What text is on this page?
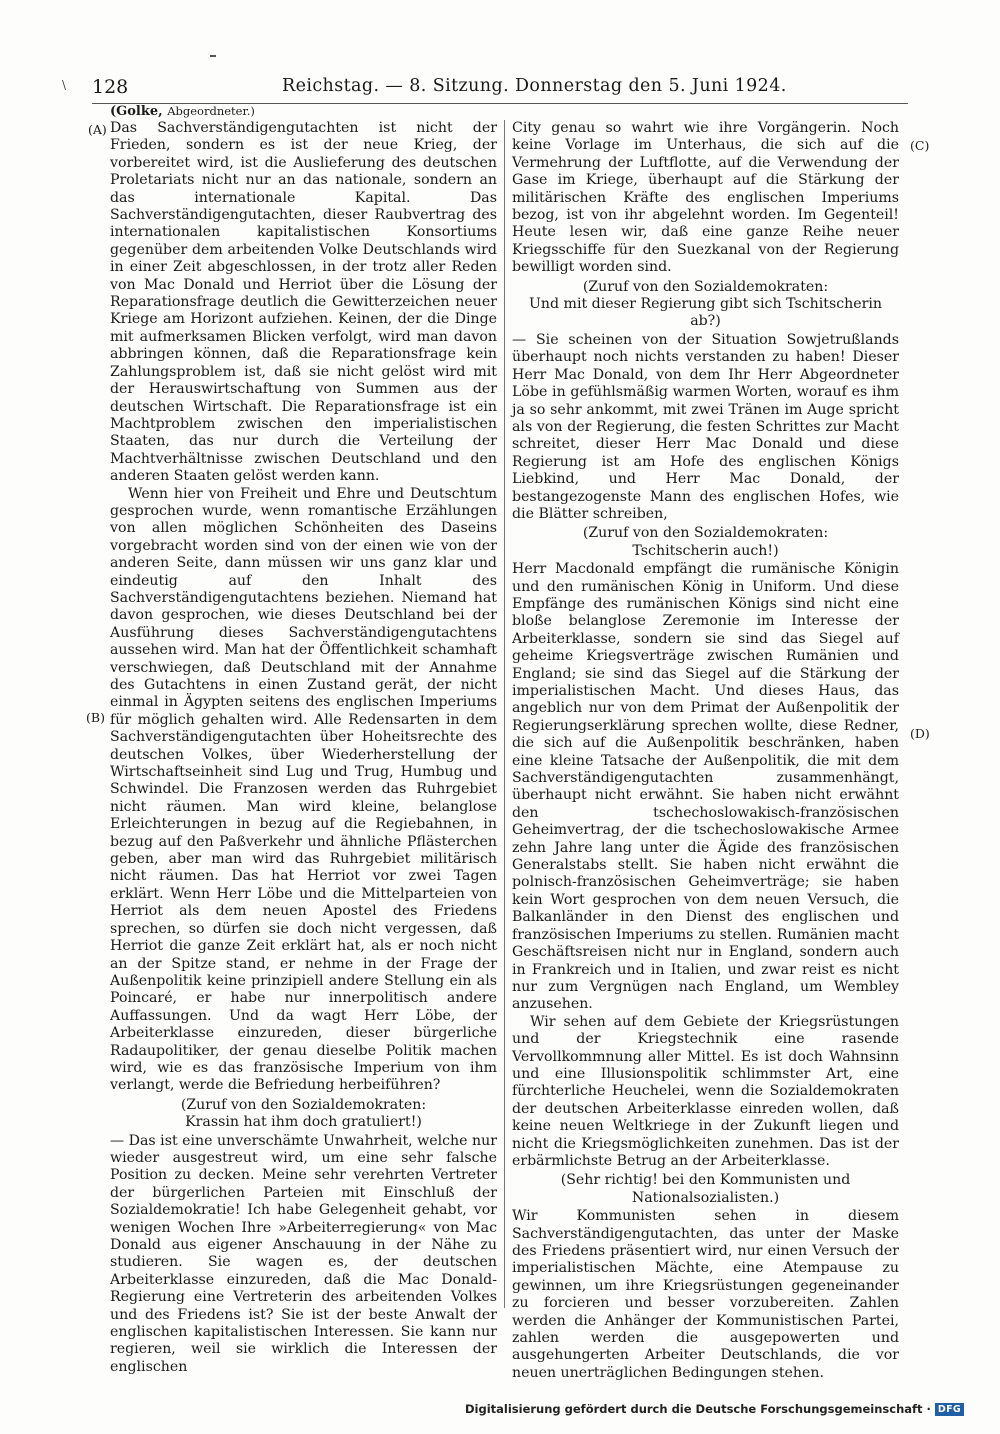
\ 128	Reichstag. — 8. Sitzung. Donnerstag den 5. Juni 1924.
(Golke, Abgeordneter.)
(A)
(B)
(C)
(D)

Das Sachverständigengutachten ist nicht der Frieden, sondern es ist der neue Krieg, der vorbereitet wird, ist die Auslieferung des deutschen Proletariats nicht nur an das nationale, sondern an das internationale Kapital. Das Sachverständigengutachten, dieser Raubvertrag des internationalen kapitalistischen Konsortiums gegenüber dem arbeitenden Volke Deutschlands wird in einer Zeit abgeschlossen, in der trotz aller Reden von Mac Donald und Herriot über die Lösung der Reparationsfrage deutlich die Gewitterzeichen neuer Kriege am Horizont aufziehen. Keinen, der die Dinge mit aufmerksamen Blicken verfolgt, wird man davon abbringen können, daß die Reparationsfrage kein Zahlungsproblem ist, daß sie nicht gelöst wird mit der Herauswirtschaftung von Summen aus der deutschen Wirtschaft. Die Reparationsfrage ist ein Machtproblem zwischen den imperialistischen Staaten, das nur durch die Verteilung der Machtverhältnisse zwischen Deutschland und den anderen Staaten gelöst werden kann.

Wenn hier von Freiheit und Ehre und Deutschtum gesprochen wurde, wenn romantische Erzählungen von allen möglichen Schönheiten des Daseins vorgebracht worden sind von der einen wie von der anderen Seite, dann müssen wir uns ganz klar und eindeutig auf den Inhalt des Sachverständigengutachtens beziehen. Niemand hat davon gesprochen, wie dieses Deutschland bei der Ausführung dieses Sachverständigengutachtens aussehen wird. Man hat der Öffentlichkeit schamhaft verschwiegen, daß Deutschland mit der Annahme des Gutachtens in einen Zustand gerät, der nicht einmal in Ägypten seitens des englischen Imperiums für möglich gehalten wird. Alle Redensarten in dem Sachverständigengutachten über Hoheitsrechte des deutschen Volkes, über Wiederherstellung der Wirtschaftseinheit sind Lug und Trug, Humbug und Schwindel. Die Franzosen werden das Ruhrgebiet nicht räumen. Man wird kleine, belanglose Erleichterungen in bezug auf die Regiebahnen, in bezug auf den Paßverkehr und ähnliche Pflästerchen geben, aber man wird das Ruhrgebiet militärisch nicht räumen. Das hat Herriot vor zwei Tagen erklärt. Wenn Herr Löbe und die Mittelparteien von Herriot als dem neuen Apostel des Friedens sprechen, so dürfen sie doch nicht vergessen, daß Herriot die ganze Zeit erklärt hat, als er noch nicht an der Spitze stand, er nehme in der Frage der Außenpolitik keine prinzipiell andere Stellung ein als Poincaré, er habe nur innerpolitisch andere Auffassungen. Und da wagt Herr Löbe, der Arbeiterklasse einzureden, dieser bürgerliche Radaupolitiker, der genau dieselbe Politik machen wird, wie es das französische Imperium von ihm verlangt, werde die Befriedung herbeiführen?

(Zuruf von den Sozialdemokraten:
Krassin hat ihm doch gratuliert!)

— Das ist eine unverschämte Unwahrheit, welche nur wieder ausgestreut wird, um eine sehr falsche Position zu decken. Meine sehr verehrten Vertreter der bürgerlichen Parteien mit Einschluß der Sozialdemokratie! Ich habe Gelegenheit gehabt, vor wenigen Wochen Ihre »Arbeiterregierung« von Mac Donald aus eigener Anschauung in der Nähe zu studieren. Sie wagen es, der deutschen Arbeiterklasse einzureden, daß die Mac Donald-Regierung eine Vertreterin des arbeitenden Volkes und des Friedens ist? Sie ist der beste Anwalt der englischen kapitalistischen Interessen. Sie kann nur regieren, weil sie wirklich die Interessen der englischen

City genau so wahrt wie ihre Vorgängerin. Noch keine Vorlage im Unterhaus, die sich auf die Vermehrung der Luftflotte, auf die Verwendung der Gase im Kriege, überhaupt auf die Stärkung der militärischen Kräfte des englischen Imperiums bezog, ist von ihr abgelehnt worden. Im Gegenteil! Heute lesen wir, daß eine ganze Reihe neuer Kriegsschiffe für den Suezkanal von der Regierung bewilligt worden sind.

(Zuruf von den Sozialdemokraten:
Und mit dieser Regierung gibt sich Tschitscherin ab?)

— Sie scheinen von der Situation Sowjetrußlands überhaupt noch nichts verstanden zu haben! Dieser Herr Mac Donald, von dem Ihr Herr Abgeordneter Löbe in gefühlsmäßig warmen Worten, worauf es ihm ja so sehr ankommt, mit zwei Tränen im Auge spricht als von der Regierung, die festen Schrittes zur Macht schreitet, dieser Herr Mac Donald und diese Regierung ist am Hofe des englischen Königs Liebkind, und Herr Mac Donald, der bestangezogenste Mann des englischen Hofes, wie die Blätter schreiben,

(Zuruf von den Sozialdemokraten:
Tschitscherin auch!)

Herr Macdonald empfängt die rumänische Königin und den rumänischen König in Uniform. Und diese Empfänge des rumänischen Königs sind nicht eine bloße belanglose Zeremonie im Interesse der Arbeiterklasse, sondern sie sind das Siegel auf geheime Kriegsverträge zwischen Rumänien und England; sie sind das Siegel auf die Stärkung der imperialistischen Macht. Und dieses Haus, das angeblich nur von dem Primat der Außenpolitik der Regierungserklärung sprechen wollte, diese Redner, die sich auf die Außenpolitik beschränken, haben eine kleine Tatsache der Außenpolitik, die mit dem Sachverständigengutachten zusammenhängt, überhaupt nicht erwähnt. Sie haben nicht erwähnt den tschechoslowakisch-französischen Geheimvertrag, der die tschechoslowakische Armee zehn Jahre lang unter die Ägide des französischen Generalstabs stellt. Sie haben nicht erwähnt die polnisch-französischen Geheimverträge; sie haben kein Wort gesprochen von dem neuen Versuch, die Balkanländer in den Dienst des englischen und französischen Imperiums zu stellen. Rumänien macht Geschäftsreisen nicht nur in England, sondern auch in Frankreich und in Italien, und zwar reist es nicht nur zum Vergnügen nach England, um Wembley anzusehen.

Wir sehen auf dem Gebiete der Kriegsrüstungen und der Kriegstechnik eine rasende Vervollkommnung aller Mittel. Es ist doch Wahnsinn und eine Illusionspolitik schlimmster Art, eine fürchterliche Heuchelei, wenn die Sozialdemokraten der deutschen Arbeiterklasse einreden wollen, daß keine neuen Weltkriege in der Zukunft liegen und nicht die Kriegsmöglichkeiten zunehmen. Das ist der erbärmlichste Betrug an der Arbeiterklasse.

(Sehr richtig! bei den Kommunisten und
Nationalsozialisten.)

Wir Kommunisten sehen in diesem Sachverständigengutachten, das unter der Maske des Friedens präsentiert wird, nur einen Versuch der imperialistischen Mächte, eine Atempause zu gewinnen, um ihre Kriegsrüstungen gegeneinander zu forcieren und besser vorzubereiten. Zahlen werden die Anhänger der Kommunistischen Partei, zahlen werden die ausgepowerten und ausgehungerten Arbeiter Deutschlands, die vor neuen unerträglichen Bedingungen stehen.

Digitalisierung gefördert durch die Deutsche Forschungsgemeinschaft · DFG
